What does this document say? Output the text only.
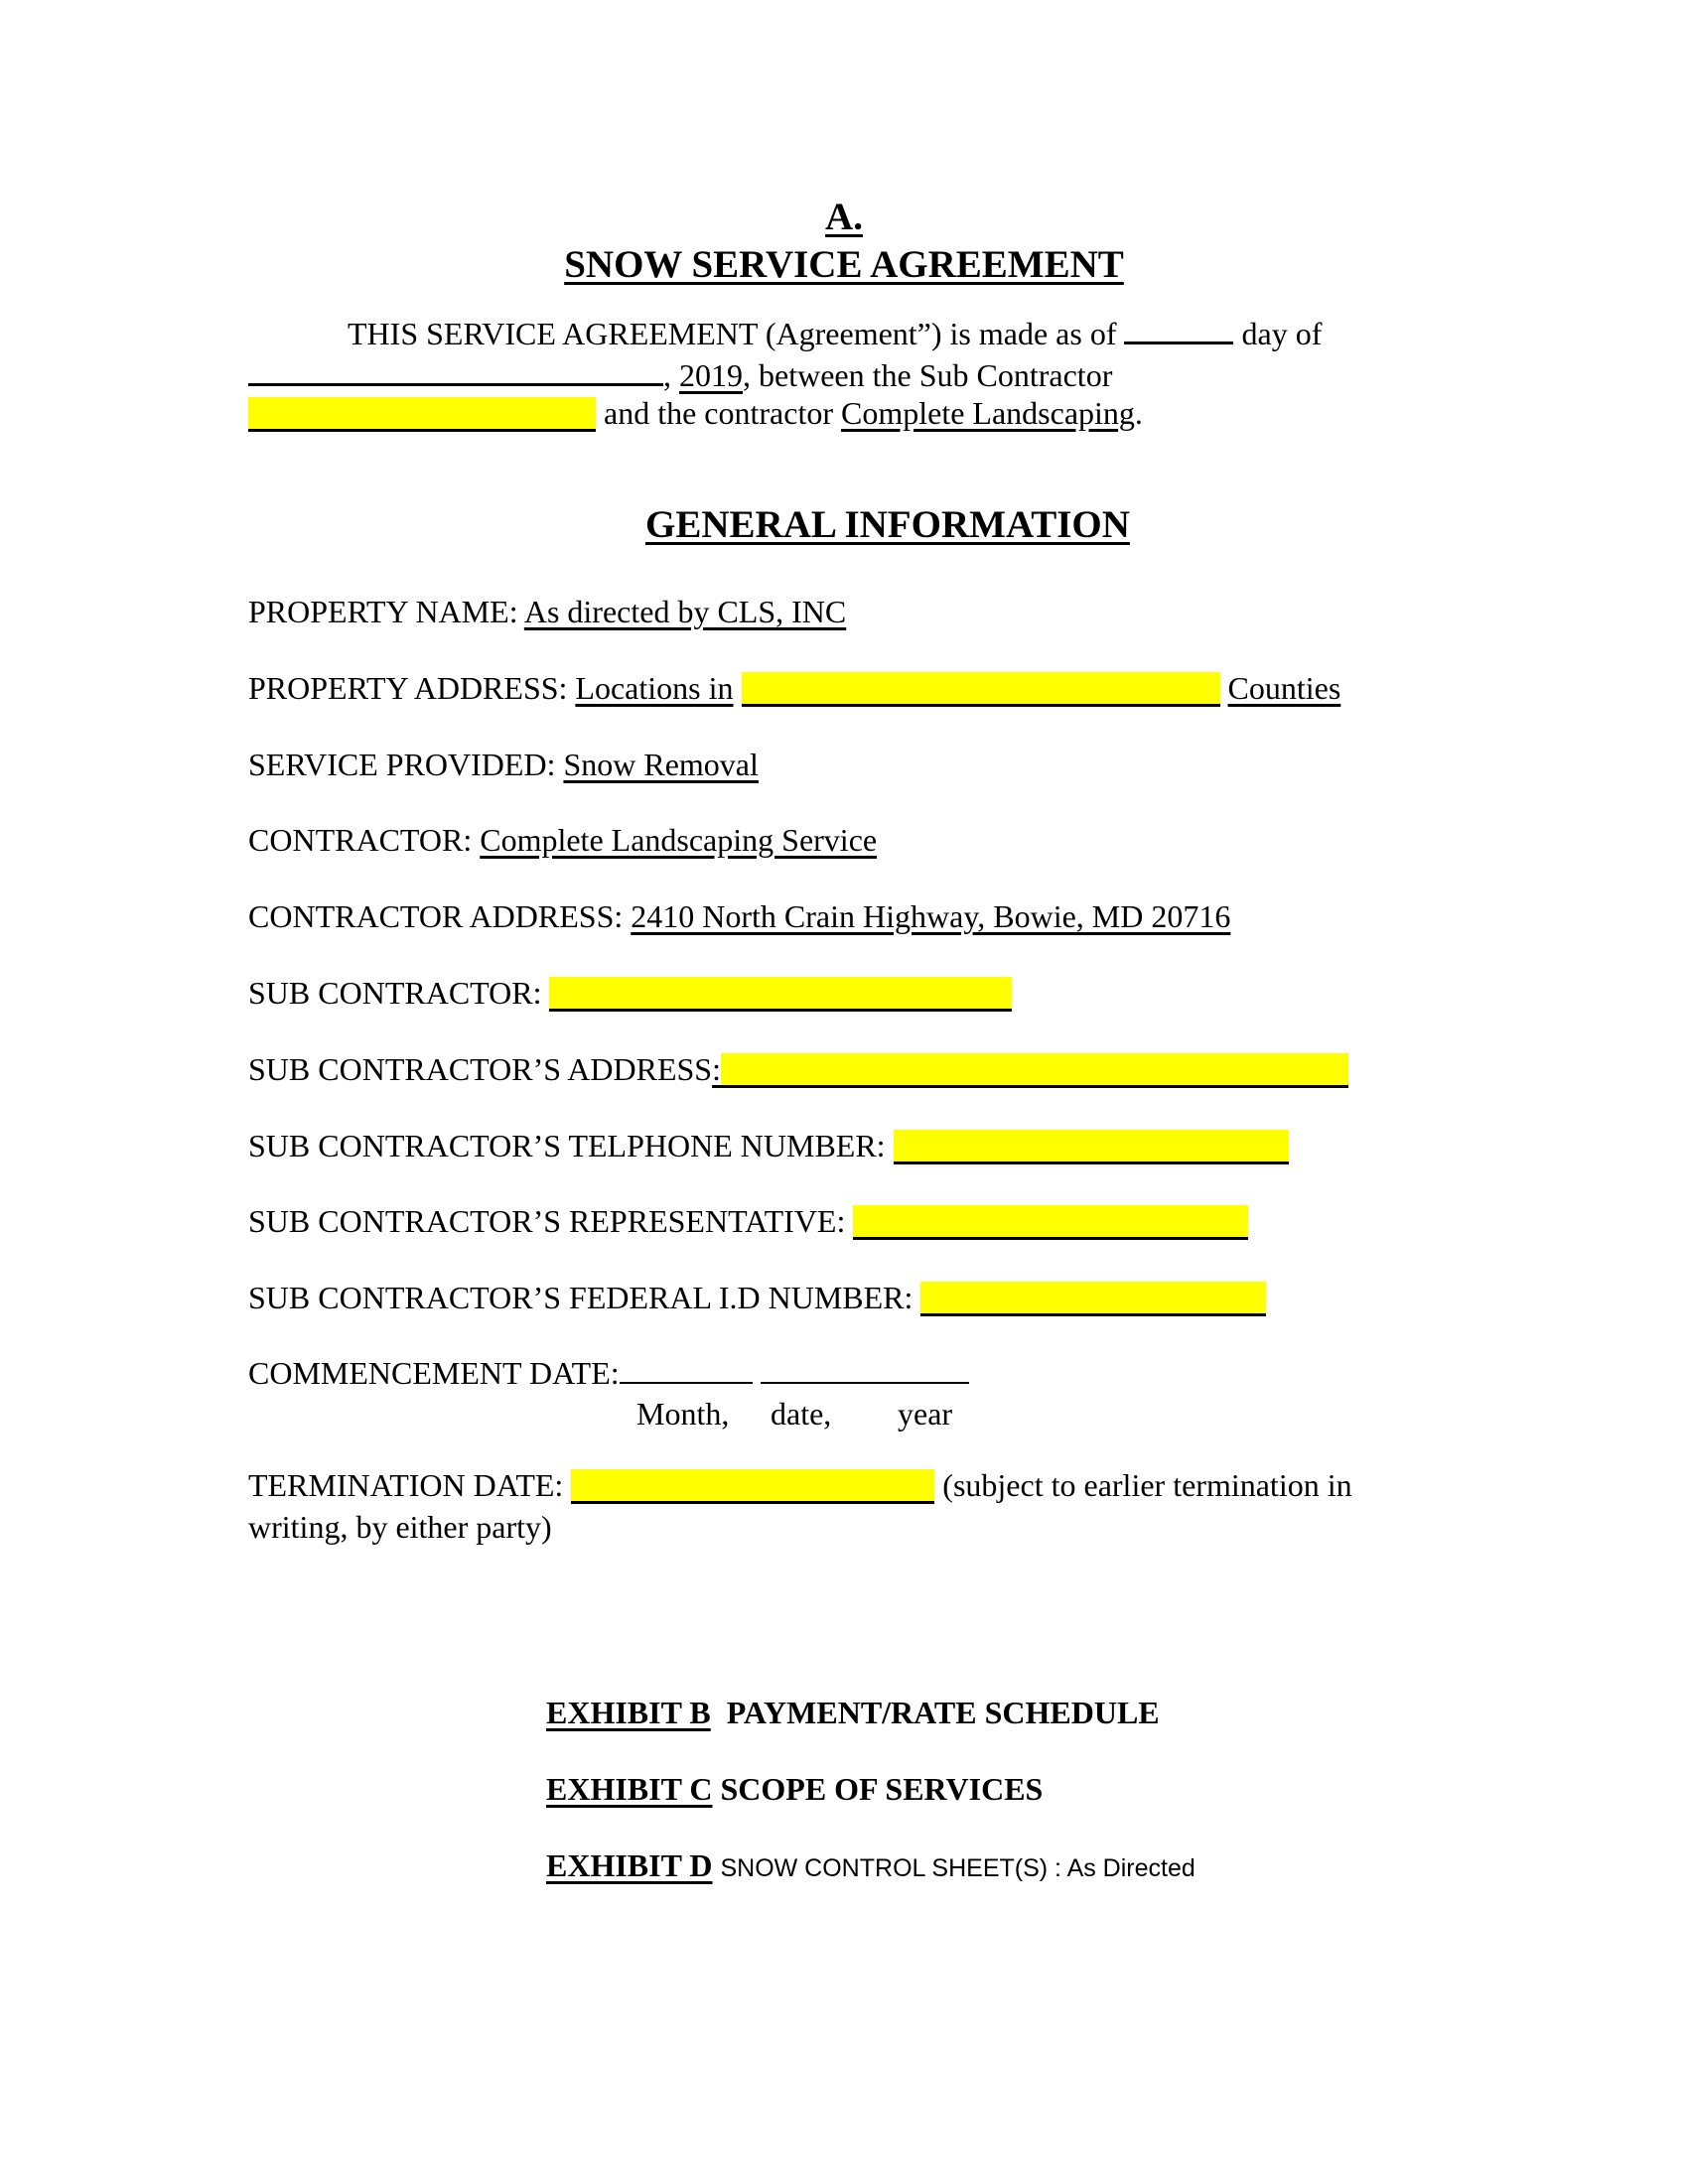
A.
SNOW SERVICE AGREEMENT
THIS SERVICE AGREEMENT (Agreement”) is made as of	day of
, 2019, between the Sub Contractor
and the contractor Complete Landscaping.
GENERAL INFORMATION
PROPERTY NAME: As directed by CLS, INC
PROPERTY ADDRESS: Locations in	Counties
SERVICE PROVIDED: Snow Removal
CONTRACTOR: Complete Landscaping Service
CONTRACTOR ADDRESS: 2410 North Crain Highway, Bowie, MD 20716
SUB CONTRACTOR:
SUB CONTRACTOR’S ADDRESS:
SUB CONTRACTOR’S TELPHONE NUMBER:
SUB CONTRACTOR’S REPRESENTATIVE:
SUB CONTRACTOR’S FEDERAL I.D NUMBER:
COMMENCEMENT DATE:
Month, date, year
TERMINATION DATE:	(subject to earlier termination in
writing, by either party)
EXHIBIT B PAYMENT/RATE SCHEDULE
EXHIBIT C SCOPE OF SERVICES
EXHIBIT D SNOW CONTROL SHEET(S) : As Directed
